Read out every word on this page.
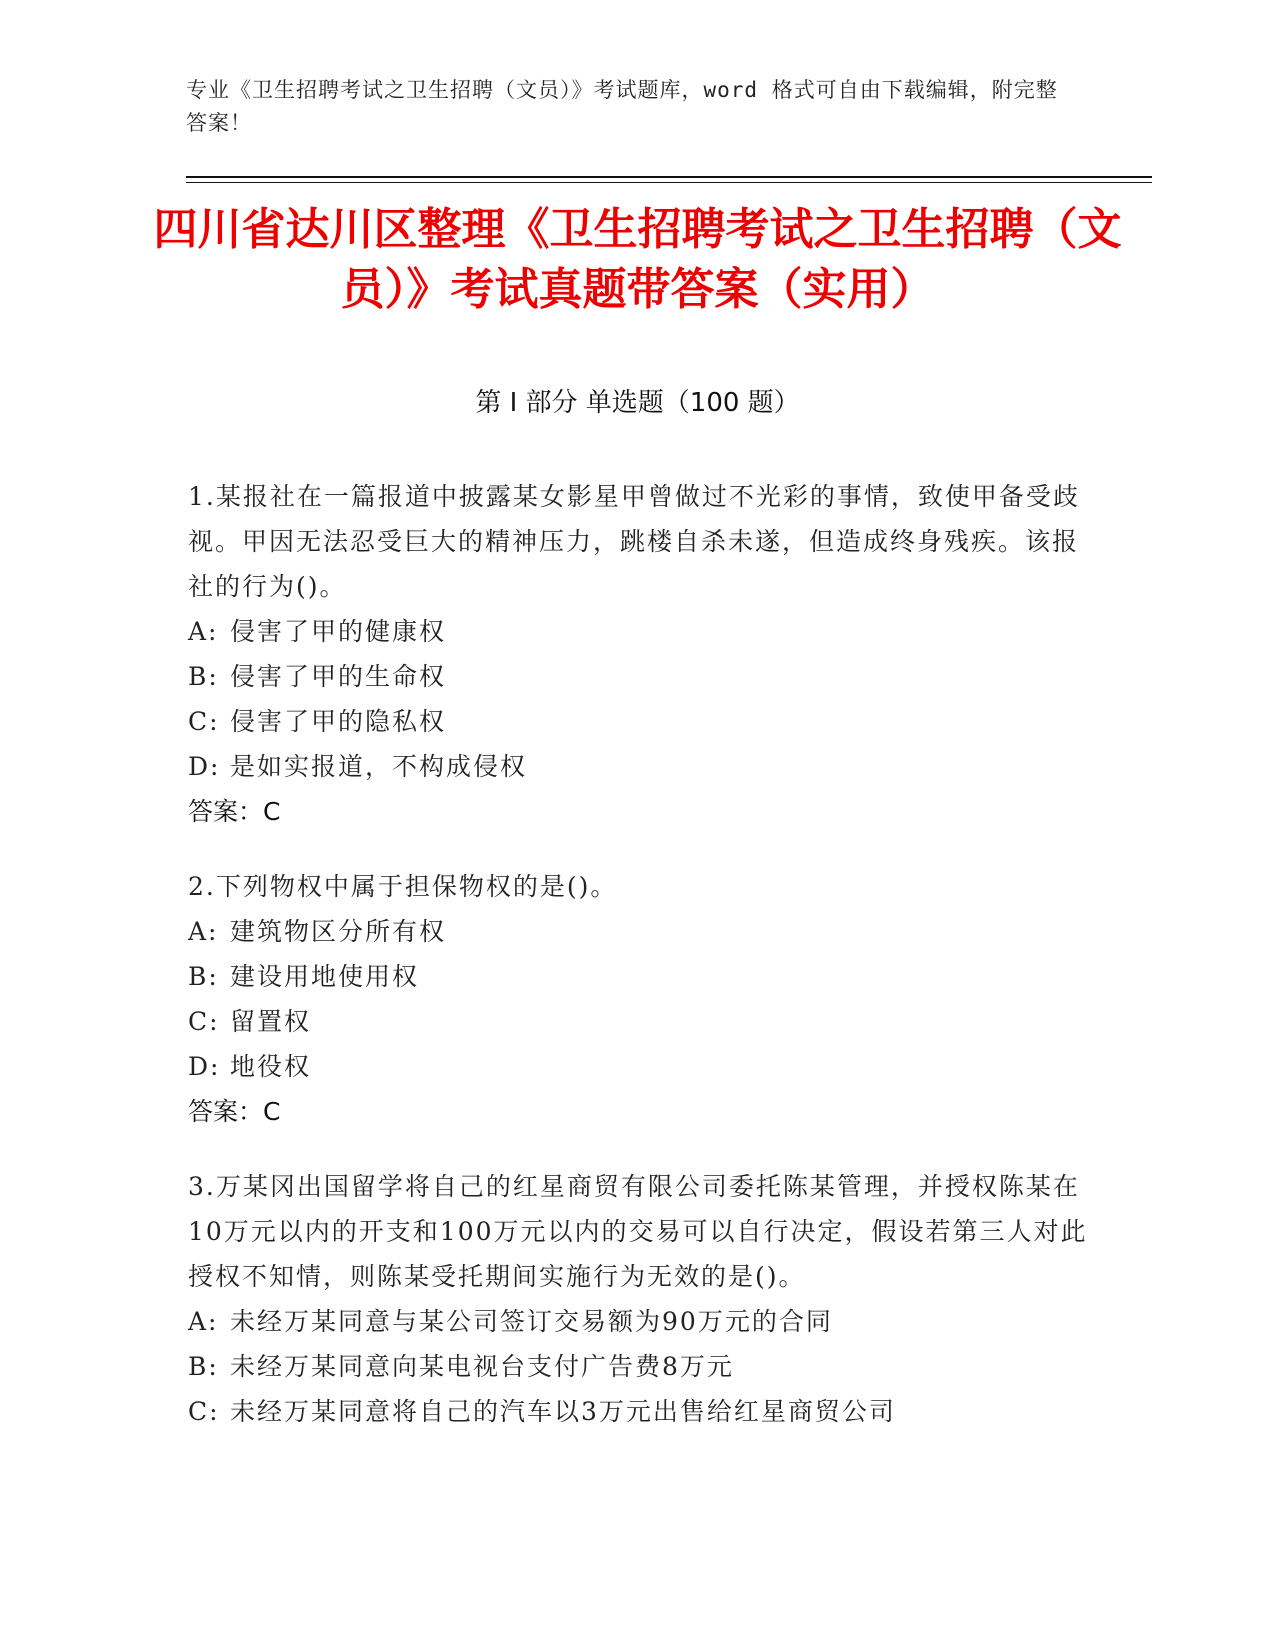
专业《卫生招聘考试之卫生招聘（文员）》考试题库，word 格式可自由下载编辑，附完整答案！
四川省达川区整理《卫生招聘考试之卫生招聘（文员）》考试真题带答案（实用）
第 I 部分 单选题（100 题）
1.某报社在一篇报道中披露某女影星甲曾做过不光彩的事情，致使甲备受歧视。甲因无法忍受巨大的精神压力，跳楼自杀未遂，但造成终身残疾。该报社的行为()。
A: 侵害了甲的健康权
B: 侵害了甲的生命权
C: 侵害了甲的隐私权
D: 是如实报道，不构成侵权
答案：C
2.下列物权中属于担保物权的是()。
A: 建筑物区分所有权
B: 建设用地使用权
C: 留置权
D: 地役权
答案：C
3.万某冈出国留学将自己的红星商贸有限公司委托陈某管理，并授权陈某在10万元以内的开支和100万元以内的交易可以自行决定，假设若第三人对此授权不知情，则陈某受托期间实施行为无效的是()。
A: 未经万某同意与某公司签订交易额为90万元的合同
B: 未经万某同意向某电视台支付广告费8万元
C: 未经万某同意将自己的汽车以3万元出售给红星商贸公司
